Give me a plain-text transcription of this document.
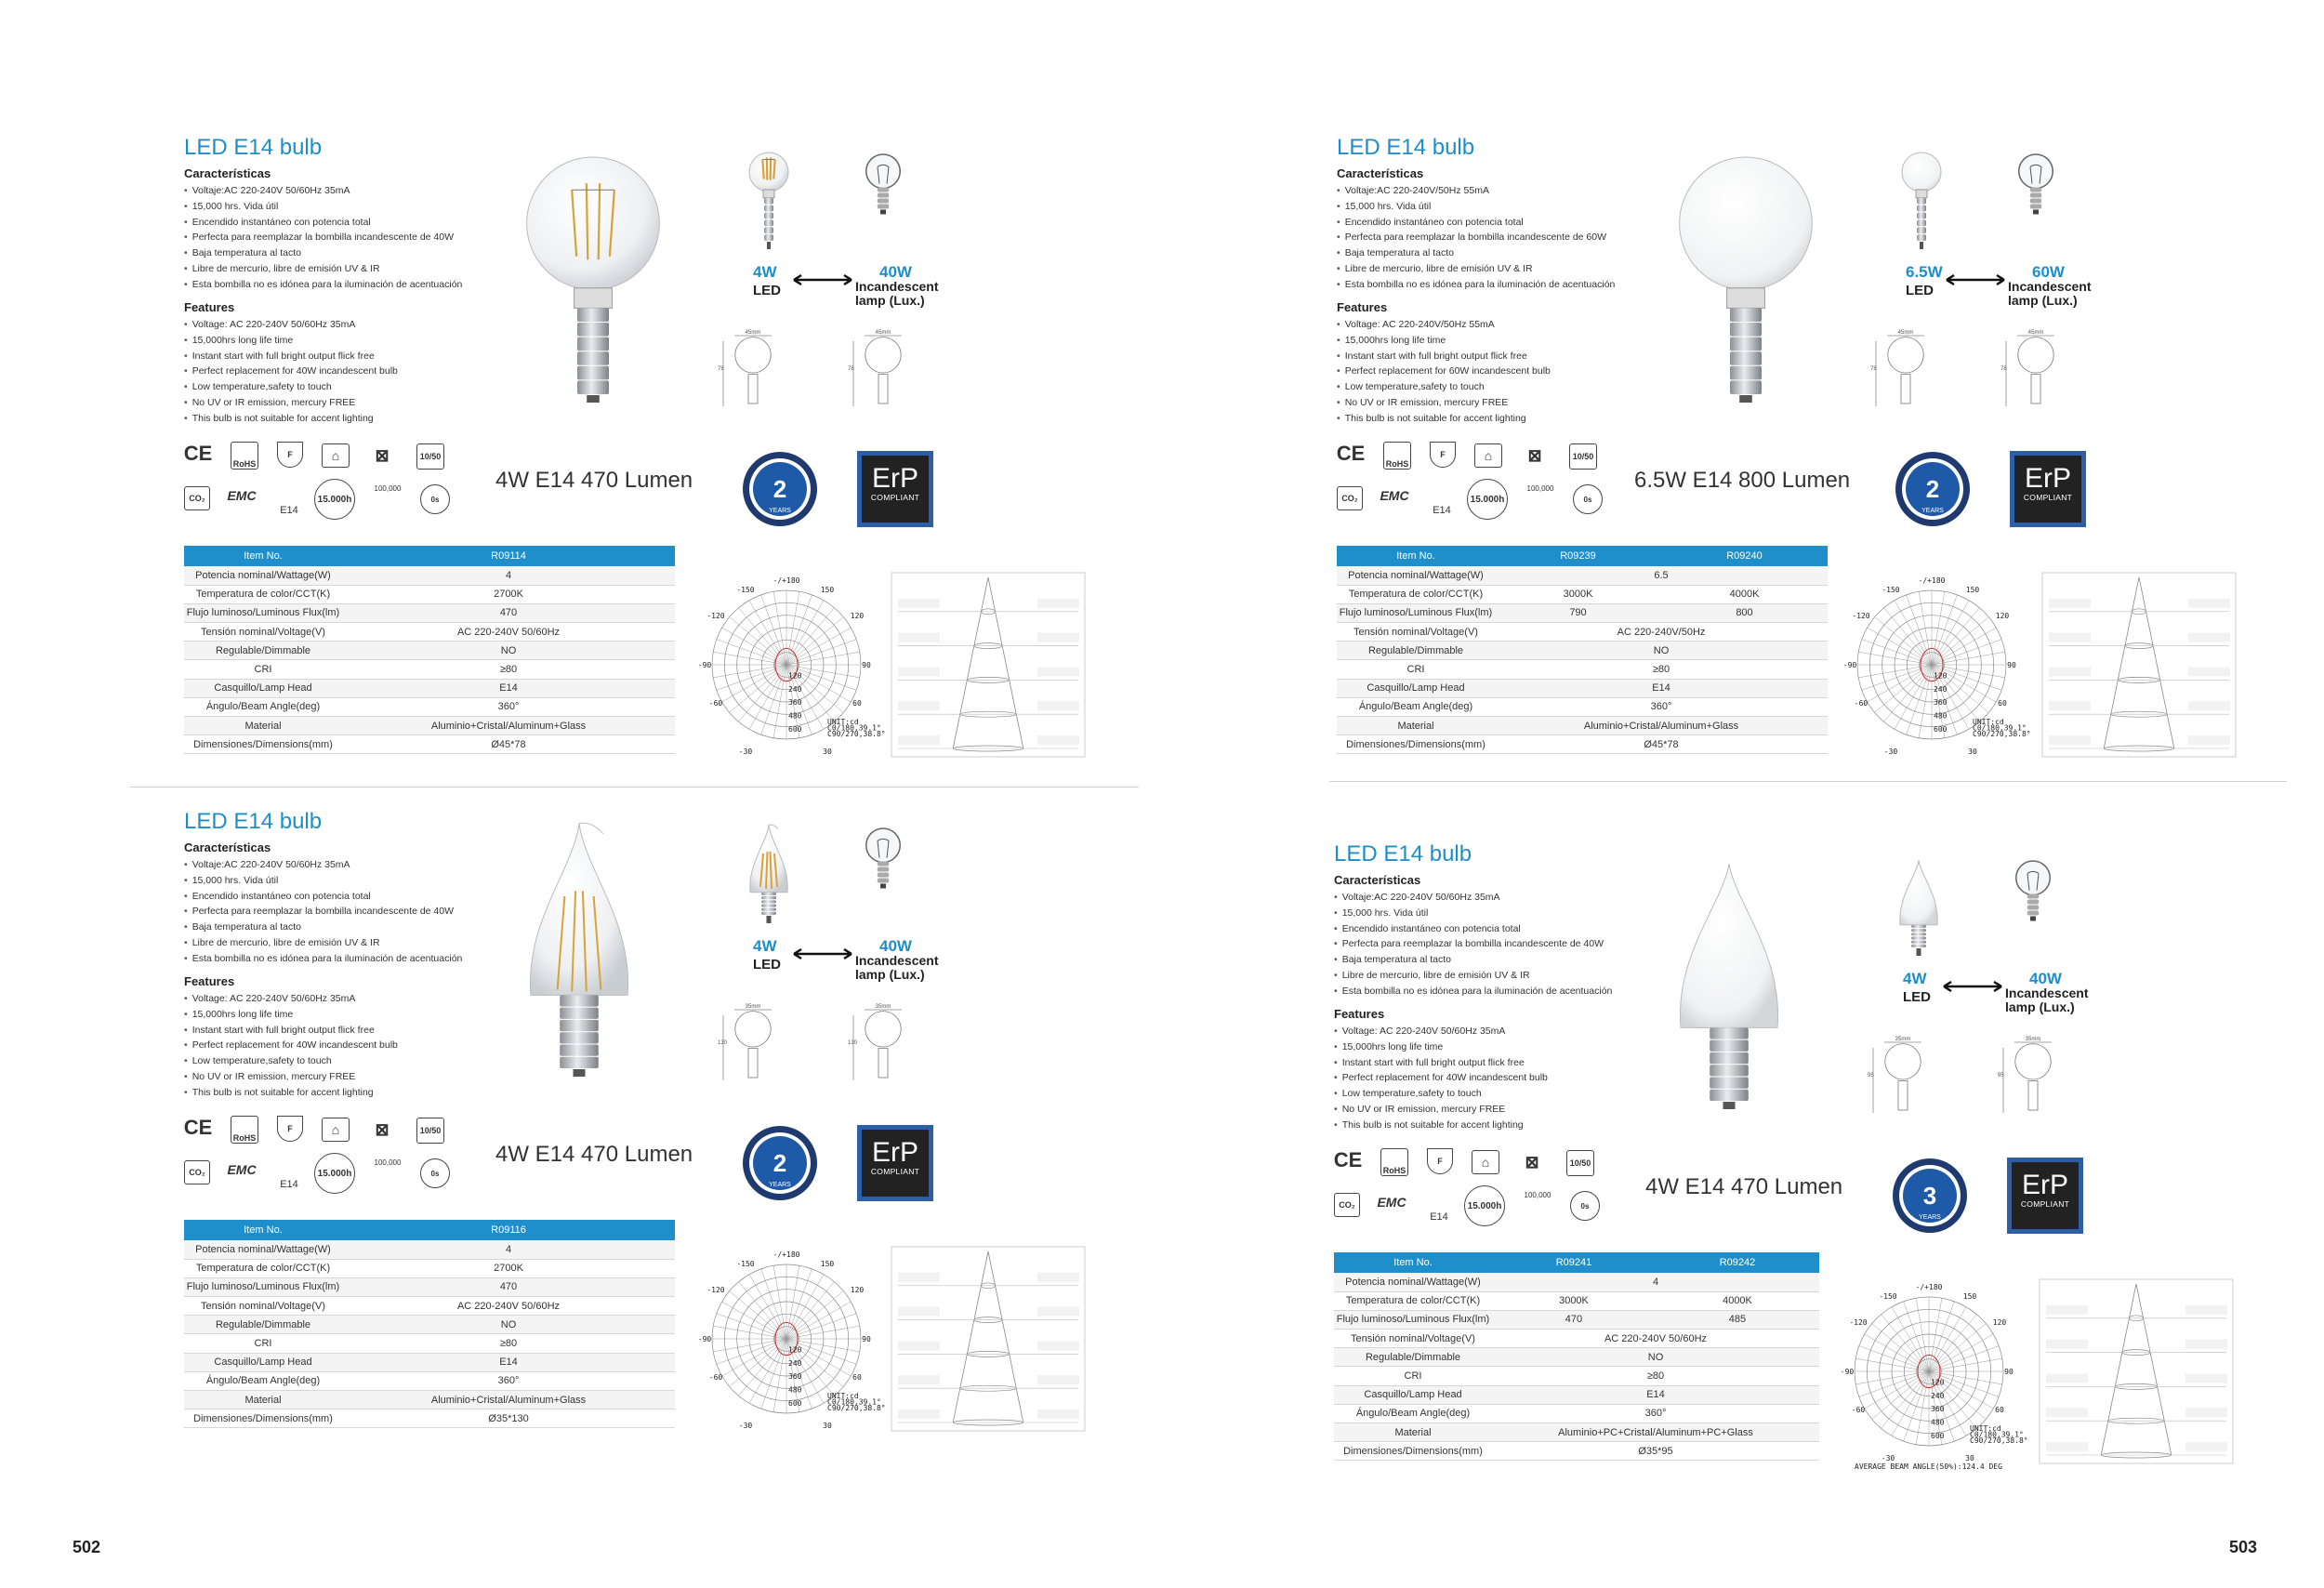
LED E14 bulb
Características
• Voltaje:AC 220-240V 50/60Hz 35mA
• 15,000 hrs. Vida útil
• Encendido instantáneo con potencia total
• Perfecta para reemplazar la bombilla incandescente de 40W
• Baja temperatura al tacto
• Libre de mercurio, libre de emisión UV & IR
• Esta bombilla no es idónea para la iluminación de acentuación
Features
• Voltage: AC 220-240V 50/60Hz 35mA
• 15,000hrs long life time
• Instant start with full bright output flick free
• Perfect replacement for 40W incandescent bulb
• Low temperature,safety to touch
• No UV or IR emission, mercury FREE
• This bulb is not suitable for accent lighting
4W
LED
40W
Incandescent
lamp (Lux.)
45mm
78
45mm
78
CE	RoHS
F	⌂	⊠	10/50
CO₂	EMC
E14
15.000h
100,000
0s
4W E14 470 Lumen	2
YEARS
ErP
COMPLIANT
Item No.	R09114
Potencia nominal/Wattage(W)	4
Temperatura de color/CCT(K)	2700K
Flujo luminoso/Luminous Flux(lm)	470
Tensión nominal/Voltage(V)	AC 220-240V 50/60Hz
Regulable/Dimmable	NO
CRI	≥80
Casquillo/Lamp Head	E14
Ángulo/Beam Angle(deg)	360°
Material	Aluminio+Cristal/Aluminum+Glass
Dimensiones/Dimensions(mm)	Ø45*78
-/+180
-150	150
-120	120
-90	90
-60	60
-30	30
120
240
360
480
600
UNIT:cd
C0/180,39.1°
C90/270,38.8°
LED E14 bulb
Características
• Voltaje:AC 220-240V/50Hz 55mA
• 15,000 hrs. Vida útil
• Encendido instantáneo con potencia total
• Perfecta para reemplazar la bombilla incandescente de 60W
• Baja temperatura al tacto
• Libre de mercurio, libre de emisión UV & IR
• Esta bombilla no es idónea para la iluminación de acentuación
Features
• Voltage: AC 220-240V/50Hz 55mA
• 15,000hrs long life time
• Instant start with full bright output flick free
• Perfect replacement for 60W incandescent bulb
• Low temperature,safety to touch
• No UV or IR emission, mercury FREE
• This bulb is not suitable for accent lighting
6.5W
LED
60W
Incandescent
lamp (Lux.)
45mm
78
45mm
78
CE	RoHS
F	⌂	⊠	10/50
CO₂	EMC
E14
15.000h
100,000
0s
6.5W E14 800 Lumen	2
YEARS
ErP
COMPLIANT
Item No.	R09239	R09240
Potencia nominal/Wattage(W)	6.5	
Temperatura de color/CCT(K)	3000K	4000K
Flujo luminoso/Luminous Flux(lm)	790	800
Tensión nominal/Voltage(V)	AC 220-240V/50Hz	
Regulable/Dimmable	NO	
CRI	≥80	
Casquillo/Lamp Head	E14	
Ángulo/Beam Angle(deg)	360°	
Material	Aluminio+Cristal/Aluminum+Glass	
Dimensiones/Dimensions(mm)	Ø45*78	
-/+180
-150	150
-120	120
-90	90
-60	60
-30	30
120
240
360
480
600
UNIT:cd
C0/180,39.1°
C90/270,38.8°
LED E14 bulb
Características
• Voltaje:AC 220-240V 50/60Hz 35mA
• 15,000 hrs. Vida útil
• Encendido instantáneo con potencia total
• Perfecta para reemplazar la bombilla incandescente de 40W
• Baja temperatura al tacto
• Libre de mercurio, libre de emisión UV & IR
• Esta bombilla no es idónea para la iluminación de acentuación
Features
• Voltage: AC 220-240V 50/60Hz 35mA
• 15,000hrs long life time
• Instant start with full bright output flick free
• Perfect replacement for 40W incandescent bulb
• Low temperature,safety to touch
• No UV or IR emission, mercury FREE
• This bulb is not suitable for accent lighting
4W
LED
40W
Incandescent
lamp (Lux.)
35mm
130
35mm
130
CE	RoHS
F	⌂	⊠	10/50
CO₂	EMC
E14
15.000h
100,000
0s
4W E14 470 Lumen	2
YEARS
ErP
COMPLIANT
Item No.	R09116
Potencia nominal/Wattage(W)	4
Temperatura de color/CCT(K)	2700K
Flujo luminoso/Luminous Flux(lm)	470
Tensión nominal/Voltage(V)	AC 220-240V 50/60Hz
Regulable/Dimmable	NO
CRI	≥80
Casquillo/Lamp Head	E14
Ángulo/Beam Angle(deg)	360°
Material	Aluminio+Cristal/Aluminum+Glass
Dimensiones/Dimensions(mm)	Ø35*130
-/+180
-150	150
-120	120
-90	90
-60	60
-30	30
120
240
360
480
600
UNIT:cd
C0/180,39.1°
C90/270,38.8°
LED E14 bulb
Características
• Voltaje:AC 220-240V 50/60Hz 35mA
• 15,000 hrs. Vida útil
• Encendido instantáneo con potencia total
• Perfecta para reemplazar la bombilla incandescente de 40W
• Baja temperatura al tacto
• Libre de mercurio, libre de emisión UV & IR
• Esta bombilla no es idónea para la iluminación de acentuación
Features
• Voltage: AC 220-240V 50/60Hz 35mA
• 15,000hrs long life time
• Instant start with full bright output flick free
• Perfect replacement for 40W incandescent bulb
• Low temperature,safety to touch
• No UV or IR emission, mercury FREE
• This bulb is not suitable for accent lighting
4W
LED
40W
Incandescent
lamp (Lux.)
35mm
95
35mm
95
CE	RoHS
F	⌂	⊠	10/50
CO₂	EMC
E14
15.000h
100,000
0s
4W E14 470 Lumen	3
YEARS
ErP
COMPLIANT
Item No.	R09241	R09242
Potencia nominal/Wattage(W)	4	
Temperatura de color/CCT(K)	3000K	4000K
Flujo luminoso/Luminous Flux(lm)	470	485
Tensión nominal/Voltage(V)	AC 220-240V 50/60Hz	
Regulable/Dimmable	NO	
CRI	≥80	
Casquillo/Lamp Head	E14	
Ángulo/Beam Angle(deg)	360°	
Material	Aluminio+PC+Cristal/Aluminum+PC+Glass	
Dimensiones/Dimensions(mm)	Ø35*95	
-/+180
-150	150
-120	120
-90	90
-60	60
-30	30
120
240
360
480
600
UNIT:cd
C0/180,39.1°
C90/270,38.8°
AVERAGE BEAM ANGLE(50%):124.4 DEG
502	503
